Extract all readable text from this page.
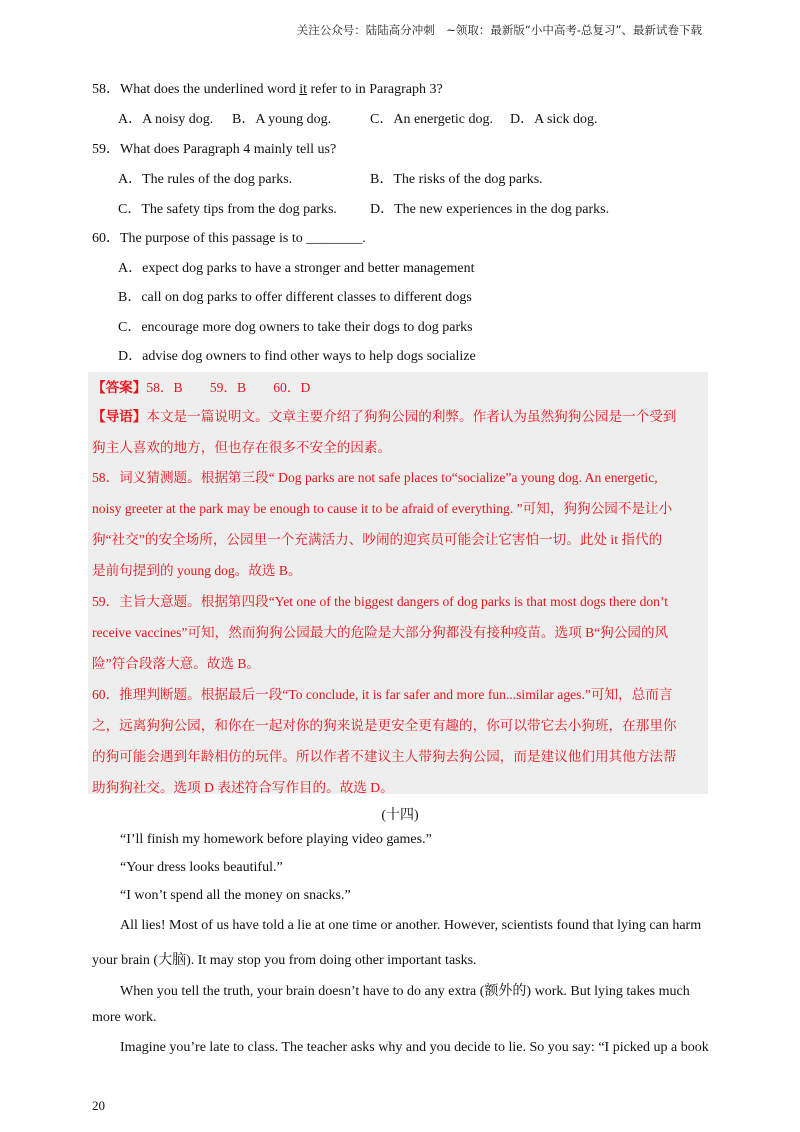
关注公众号：陆陆高分冲刺　~领取：最新版“小中高考-总复习”、最新试卷下载
58．What does the underlined word it refer to in Paragraph 3?
A．A noisy dog. B．A young dog.	C．An energetic dog. D．A sick dog.
59．What does Paragraph 4 mainly tell us?
A．The rules of the dog parks.	B．The risks of the dog parks.
C．The safety tips from the dog parks. D．The new experiences in the dog parks.
60．The purpose of this passage is to ________.
A．expect dog parks to have a stronger and better management
B．call on dog parks to offer different classes to different dogs
C．encourage more dog owners to take their dogs to dog parks
D．advise dog owners to find other ways to help dogs socialize
【答案】58．B　　59．B　　60．D
【导语】本文是一篇说明文。文章主要介绍了狗狗公园的利弊。作者认为虽然狗狗公园是一个受到
狗主人喜欢的地方，但也存在很多不安全的因素。
58．词义猜测题。根据第三段“ Dog parks are not safe places to“socialize”a young dog. An energetic,
noisy greeter at the park may be enough to cause it to be afraid of everything. ”可知，狗狗公园不是让小
狗“社交”的安全场所，公园里一个充满活力、吵闹的迎宾员可能会让它害怕一切。此处 it 指代的
是前句提到的 young dog。故选 B。
59．主旨大意题。根据第四段“Yet one of the biggest dangers of dog parks is that most dogs there don’t
receive vaccines”可知，然而狗狗公园最大的危险是大部分狗都没有接种疫苗。选项 B“狗公园的风
险”符合段落大意。故选 B。
60．推理判断题。根据最后一段“To conclude, it is far safer and more fun...similar ages.”可知，总而言
之，远离狗狗公园，和你在一起对你的狗来说是更安全更有趣的，你可以带它去小狗班，在那里你
的狗可能会遇到年龄相仿的玩伴。所以作者不建议主人带狗去狗公园，而是建议他们用其他方法帮
助狗狗社交。选项 D 表述符合写作目的。故选 D。
(十四)
“I’ll finish my homework before playing video games.”
“Your dress looks beautiful.”
“I won’t spend all the money on snacks.”
All lies! Most of us have told a lie at one time or another. However, scientists found that lying can harm
your brain (大脑). It may stop you from doing other important tasks.
When you tell the truth, your brain doesn’t have to do any extra (额外的) work. But lying takes much
more work.
Imagine you’re late to class. The teacher asks why and you decide to lie. So you say: “I picked up a book
20
